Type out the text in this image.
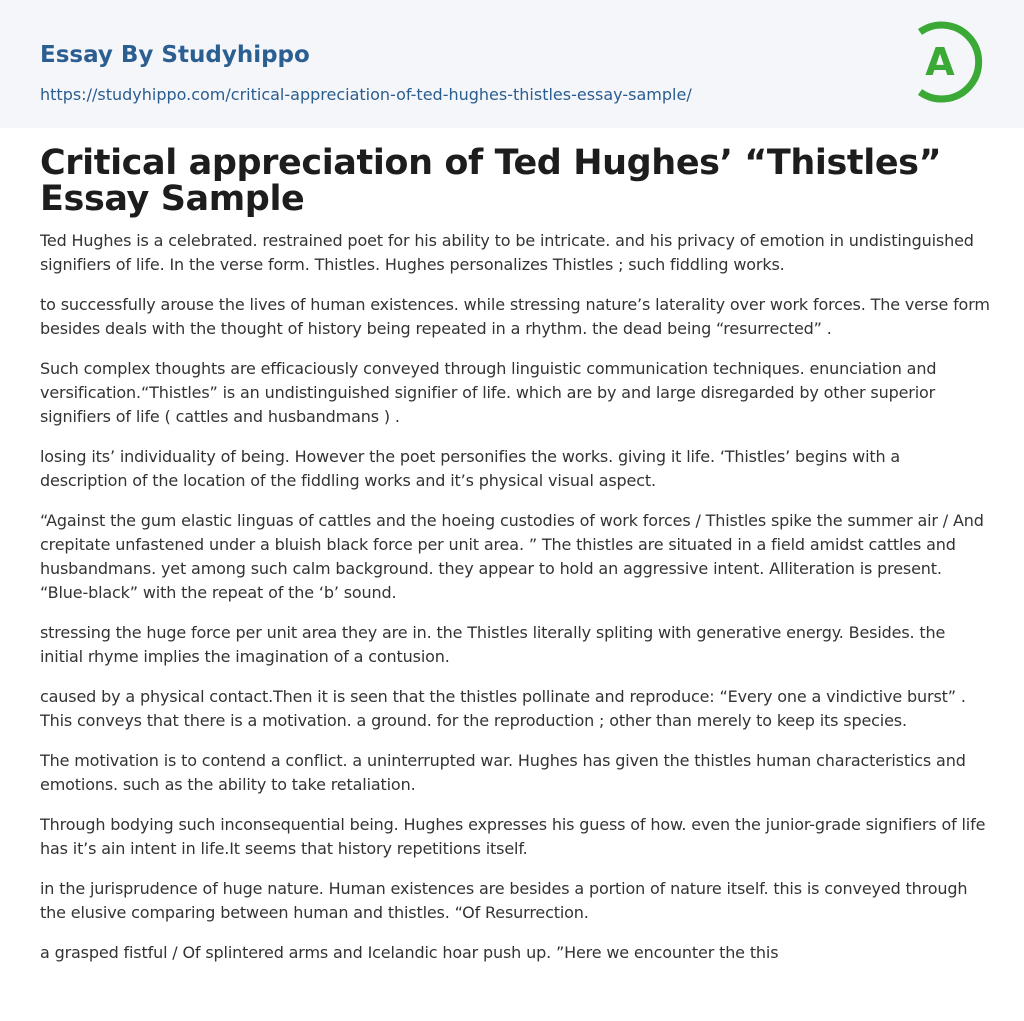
Essay By Studyhippo
https://studyhippo.com/critical-appreciation-of-ted-hughes-thistles-essay-sample/
A
Critical appreciation of Ted Hughes’ “Thistles”
Essay Sample

Ted Hughes is a celebrated. restrained poet for his ability to be intricate. and his privacy of emotion in undistinguished signifiers of life. In the verse form. Thistles. Hughes personalizes Thistles ; such fiddling works.

to successfully arouse the lives of human existences. while stressing nature’s laterality over work forces. The verse form besides deals with the thought of history being repeated in a rhythm. the dead being “resurrected” .

Such complex thoughts are efficaciously conveyed through linguistic communication techniques. enunciation and versification.“Thistles” is an undistinguished signifier of life. which are by and large disregarded by other superior signifiers of life ( cattles and husbandmans ) .

losing its’ individuality of being. However the poet personifies the works. giving it life. ‘Thistles’ begins with a description of the location of the fiddling works and it’s physical visual aspect.

“Against the gum elastic linguas of cattles and the hoeing custodies of work forces / Thistles spike the summer air / And crepitate unfastened under a bluish black force per unit area. ” The thistles are situated in a field amidst cattles and husbandmans. yet among such calm background. they appear to hold an aggressive intent. Alliteration is present. “Blue-black” with the repeat of the ‘b’ sound.

stressing the huge force per unit area they are in. the Thistles literally spliting with generative energy. Besides. the initial rhyme implies the imagination of a contusion.

caused by a physical contact.Then it is seen that the thistles pollinate and reproduce: “Every one a vindictive burst” . This conveys that there is a motivation. a ground. for the reproduction ; other than merely to keep its species.

The motivation is to contend a conflict. a uninterrupted war. Hughes has given the thistles human characteristics and emotions. such as the ability to take retaliation.

Through bodying such inconsequential being. Hughes expresses his guess of how. even the junior-grade signifiers of life has it’s ain intent in life.It seems that history repetitions itself.

in the jurisprudence of huge nature. Human existences are besides a portion of nature itself. this is conveyed through the elusive comparing between human and thistles. “Of Resurrection.

a grasped fistful / Of splintered arms and Icelandic hoar push up. ”Here we encounter the this
